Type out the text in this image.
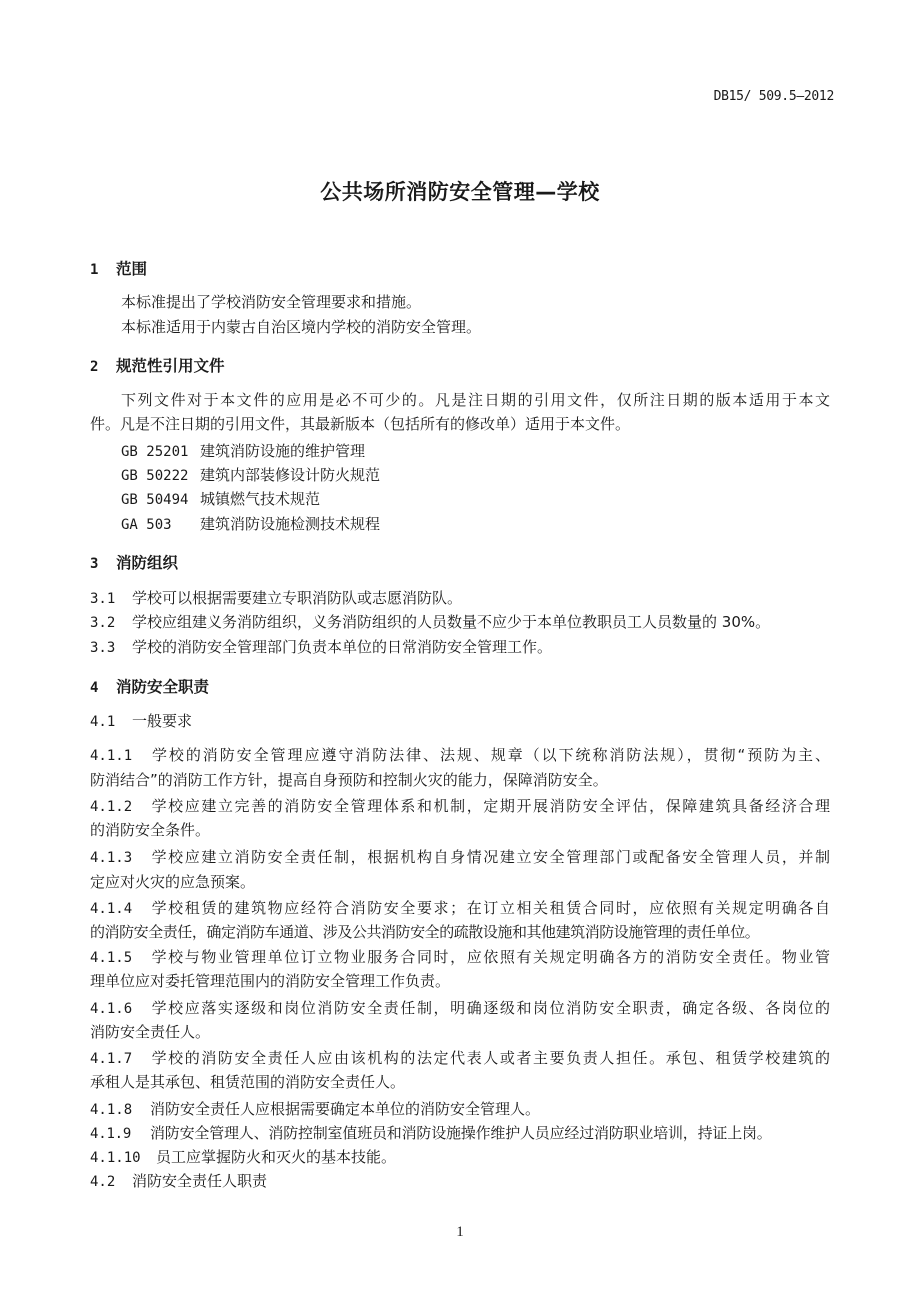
DB15/ 509.5—2012
公共场所消防安全管理—学校
1 范围
本标准提出了学校消防安全管理要求和措施。
本标准适用于内蒙古自治区境内学校的消防安全管理。
2 规范性引用文件
下列文件对于本文件的应用是必不可少的。凡是注日期的引用文件，仅所注日期的版本适用于本文
件。凡是不注日期的引用文件，其最新版本（包括所有的修改单）适用于本文件。
GB 25201 建筑消防设施的维护管理
GB 50222 建筑内部装修设计防火规范
GB 50494 城镇燃气技术规范
GA 503 建筑消防设施检测技术规程
3 消防组织
3.1 学校可以根据需要建立专职消防队或志愿消防队。
3.2 学校应组建义务消防组织，义务消防组织的人员数量不应少于本单位教职员工人员数量的 30%。
3.3 学校的消防安全管理部门负责本单位的日常消防安全管理工作。
4 消防安全职责
4.1 一般要求
4.1.1 学校的消防安全管理应遵守消防法律、法规、规章（以下统称消防法规），贯彻“预防为主、
防消结合”的消防工作方针，提高自身预防和控制火灾的能力，保障消防安全。
4.1.2 学校应建立完善的消防安全管理体系和机制，定期开展消防安全评估，保障建筑具备经济合理
的消防安全条件。
4.1.3 学校应建立消防安全责任制，根据机构自身情况建立安全管理部门或配备安全管理人员，并制
定应对火灾的应急预案。
4.1.4 学校租赁的建筑物应经符合消防安全要求；在订立相关租赁合同时，应依照有关规定明确各自
的消防安全责任，确定消防车通道、涉及公共消防安全的疏散设施和其他建筑消防设施管理的责任单位。
4.1.5 学校与物业管理单位订立物业服务合同时，应依照有关规定明确各方的消防安全责任。物业管
理单位应对委托管理范围内的消防安全管理工作负责。
4.1.6 学校应落实逐级和岗位消防安全责任制，明确逐级和岗位消防安全职责，确定各级、各岗位的
消防安全责任人。
4.1.7 学校的消防安全责任人应由该机构的法定代表人或者主要负责人担任。承包、租赁学校建筑的
承租人是其承包、租赁范围的消防安全责任人。
4.1.8 消防安全责任人应根据需要确定本单位的消防安全管理人。
4.1.9 消防安全管理人、消防控制室值班员和消防设施操作维护人员应经过消防职业培训，持证上岗。
4.1.10 员工应掌握防火和灭火的基本技能。
4.2 消防安全责任人职责
1
